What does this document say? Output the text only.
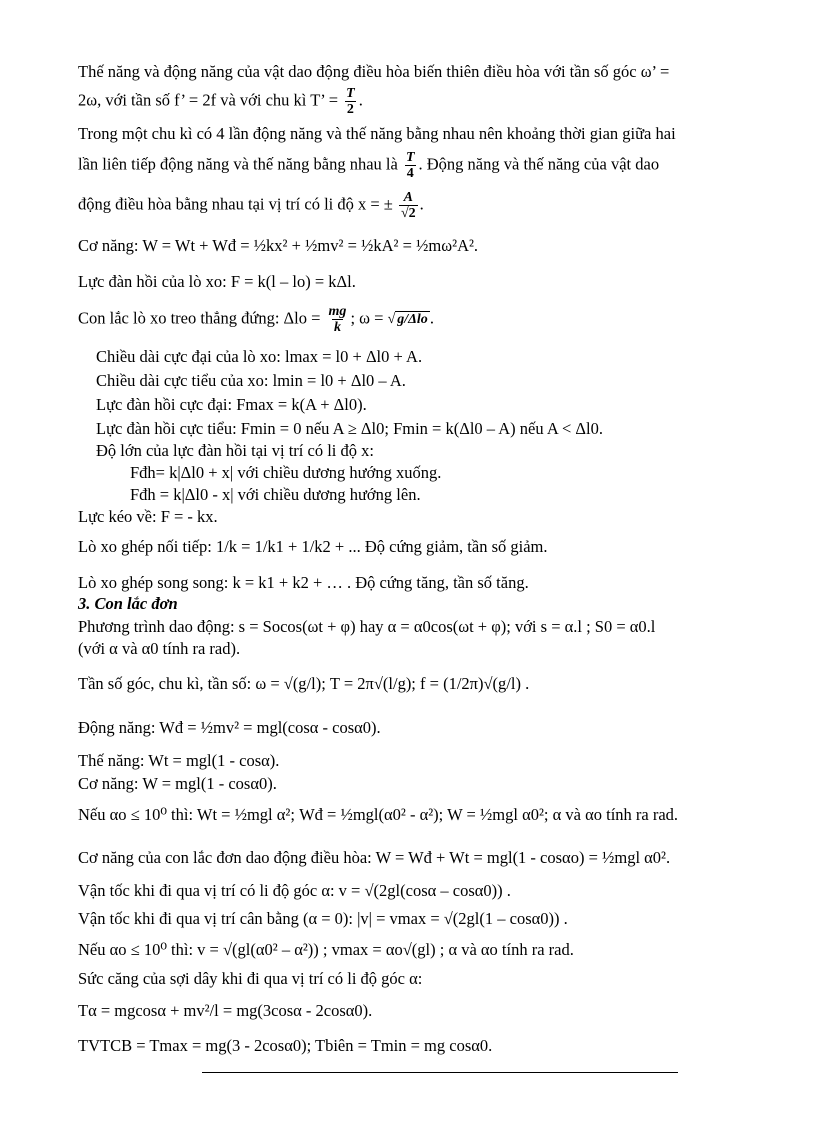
Thế năng và động năng của vật dao động điều hòa biến thiên điều hòa với tần số góc ω’ =
2ω, với tần số f’ = 2f và với chu kì T’ = $\frac{T}{2}$ .
Trong một chu kì có 4 lần động năng và thế năng bằng nhau nên khoảng thời gian giữa hai
lần liên tiếp động năng và thế năng bằng nhau là $\frac{T}{4}$ . Động năng và thế năng của vật dao
động điều hòa bằng nhau tại vị trí có li độ x = ± $\frac{A}{√2}$ .
Cơ năng: W = Wt + Wđ = ½kx² + ½mv² = ½kA² = ½mω²A².
Lực đàn hồi của lò xo: F = k(l – lo) = kΔl.
Con lắc lò xo treo thẳng đứng: $\Delta lo = \frac{mg}{k}$ ; ω = √ g/Δlo .
Chiều dài cực đại của lò xo: lmax = l0 + Δl0 + A.
Chiều dài cực tiểu của xo: lmin = l0 + Δl0 – A.
Lực đàn hồi cực đại: Fmax = k(A + Δl0).
Lực đàn hồi cực tiểu: Fmin = 0 nếu A ≥ Δl0; Fmin = k(Δl0 – A) nếu A < Δl0.
Độ lớn của lực đàn hồi tại vị trí có li độ x:
Fđh= k|Δl0 + x| với chiều dương hướng xuống.
Fđh = k|Δl0 - x| với chiều dương hướng lên.
Lực kéo về: F = - kx.
Lò xo ghép nối tiếp: 1/k = 1/k1 + 1/k2 + ... Độ cứng giảm, tần số giảm.
Lò xo ghép song song: k = k1 + k2 + … . Độ cứng tăng, tần số tăng.
3. Con lắc đơn
Phương trình dao động: s = Socos(ωt + φ) hay α = α0cos(ωt + φ); với s = α.l ; S0 = α0.l
(với α và α0 tính ra rad).
Tần số góc, chu kì, tần số: ω = √(g/l); T = 2π√(l/g); f = (1/2π)√(g/l) .
Động năng: Wđ = ½mv² = mgl(cosα - cosα0).
Thế năng: Wt = mgl(1 - cosα).
Cơ năng: W = mgl(1 - cosα0).
Nếu αo ≤ 10⁰ thì: Wt = ½mgl α²; Wđ = ½mgl(α0² - α²); W = ½mgl α0²; α và αo tính ra rad.
Cơ năng của con lắc đơn dao động điều hòa: W = Wđ + Wt = mgl(1 - cosαo) = ½mgl α0².
Vận tốc khi đi qua vị trí có li độ góc α: v = √(2gl(cosα – cosα0)) .
Vận tốc khi đi qua vị trí cân bằng (α = 0): |v| = vmax = √(2gl(1 – cosα0)) .
Nếu αo ≤ 10⁰ thì: v = √(gl(α0² – α²)) ; vmax = αo√(gl) ; α và αo tính ra rad.
Sức căng của sợi dây khi đi qua vị trí có li độ góc α:
Tα = mgcosα + mv²/l = mg(3cosα - 2cosα0).
TVTCB = Tmax = mg(3 - 2cosα0); Tbiên = Tmin = mg cosα0.
